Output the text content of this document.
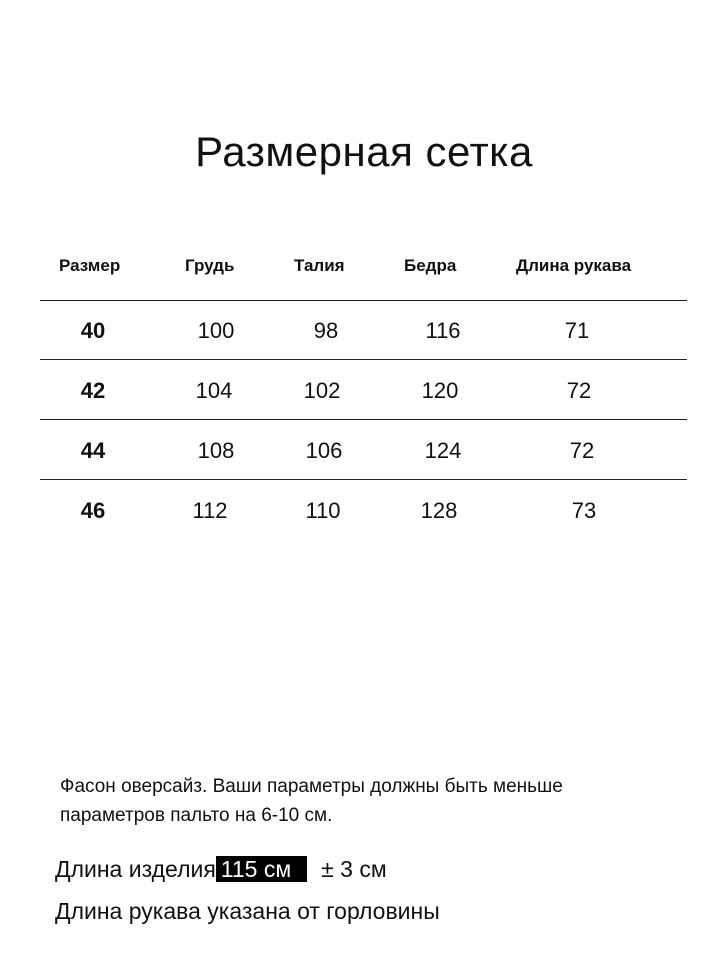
Размерная сетка
Размер	Грудь	Талия	Бедра	Длина рукава
40	100	98	116	71
42	104	102	120	72
44	108	106	124	72
46	112	110	128	73
Фасон оверсайз. Ваши параметры должны быть меньше параметров пальто на 6-10 см.
Длина изделия 115 см ± 3 см
Длина рукава указана от горловины
